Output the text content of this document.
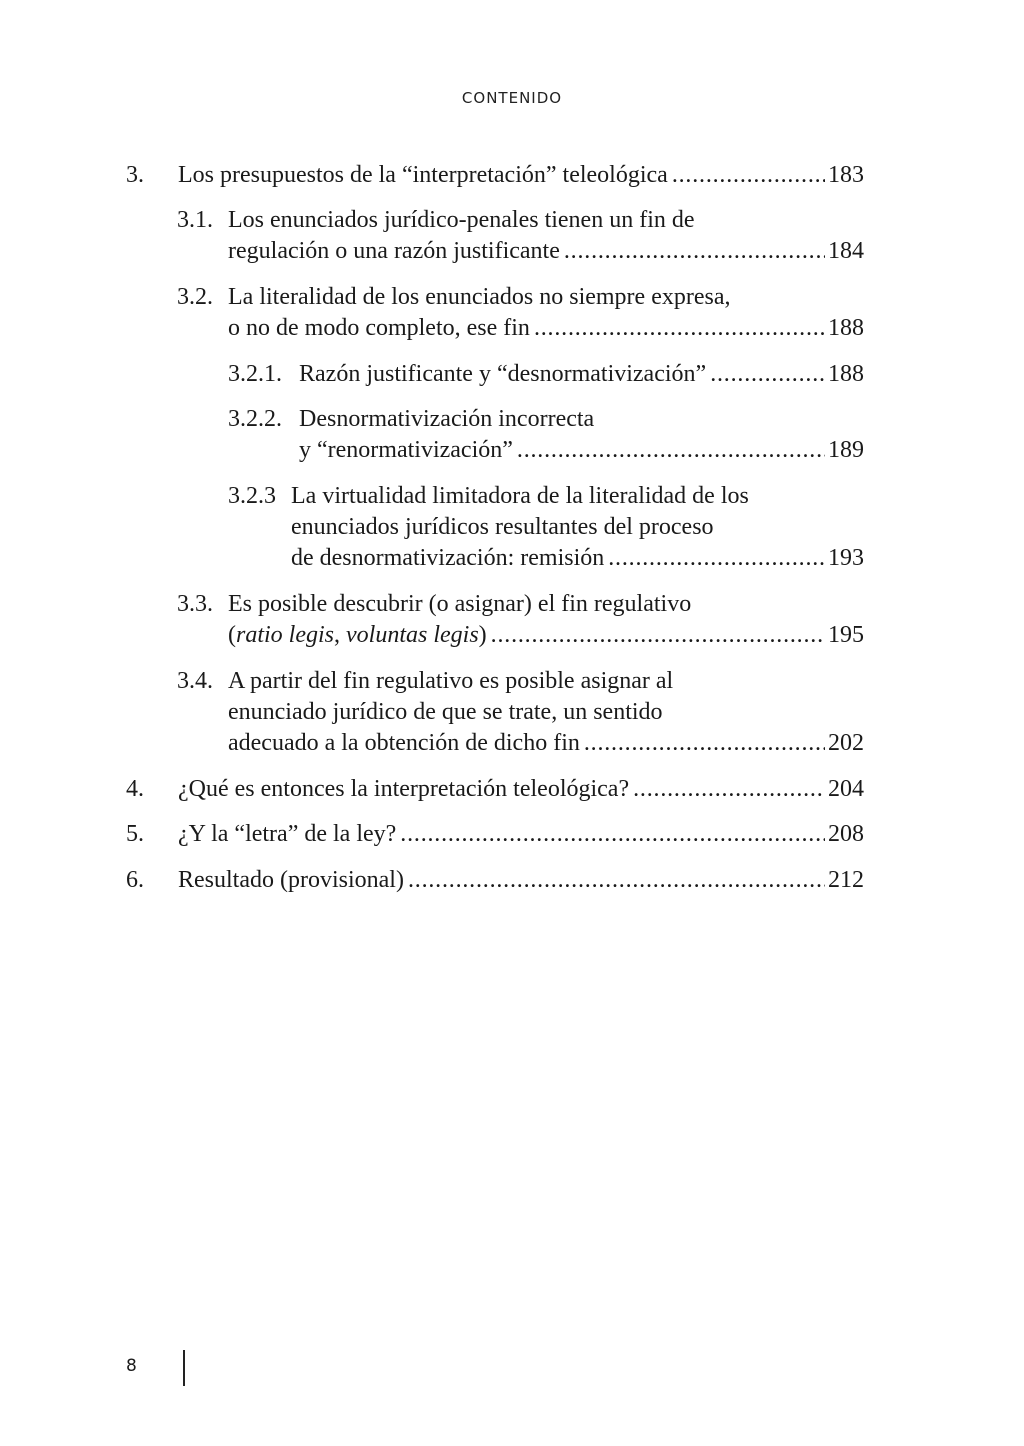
CONTENIDO
3. Los presupuestos de la “interpretación” teleológica . . .	183
3.1. Los enunciados jurídico-penales tienen un fin de
regulación o una razón justificante . . .	184
3.2. La literalidad de los enunciados no siempre expresa,
o no de modo completo, ese fin . . .	188
3.2.1. Razón justificante y “desnormativización” . . .	188
3.2.2. Desnormativización incorrecta
y “renormativización” . . .	189
3.2.3 La virtualidad limitadora de la literalidad de los
enunciados jurídicos resultantes del proceso
de desnormativización: remisión . . .	193
3.3. Es posible descubrir (o asignar) el fin regulativo
(ratio legis, voluntas legis) . . .	195
3.4. A partir del fin regulativo es posible asignar al
enunciado jurídico de que se trate, un sentido
adecuado a la obtención de dicho fin . . .	202
4. ¿Qué es entonces la interpretación teleológica? . . .	204
5. ¿Y la “letra” de la ley? . . .	208
6. Resultado (provisional) . . .	212
8
